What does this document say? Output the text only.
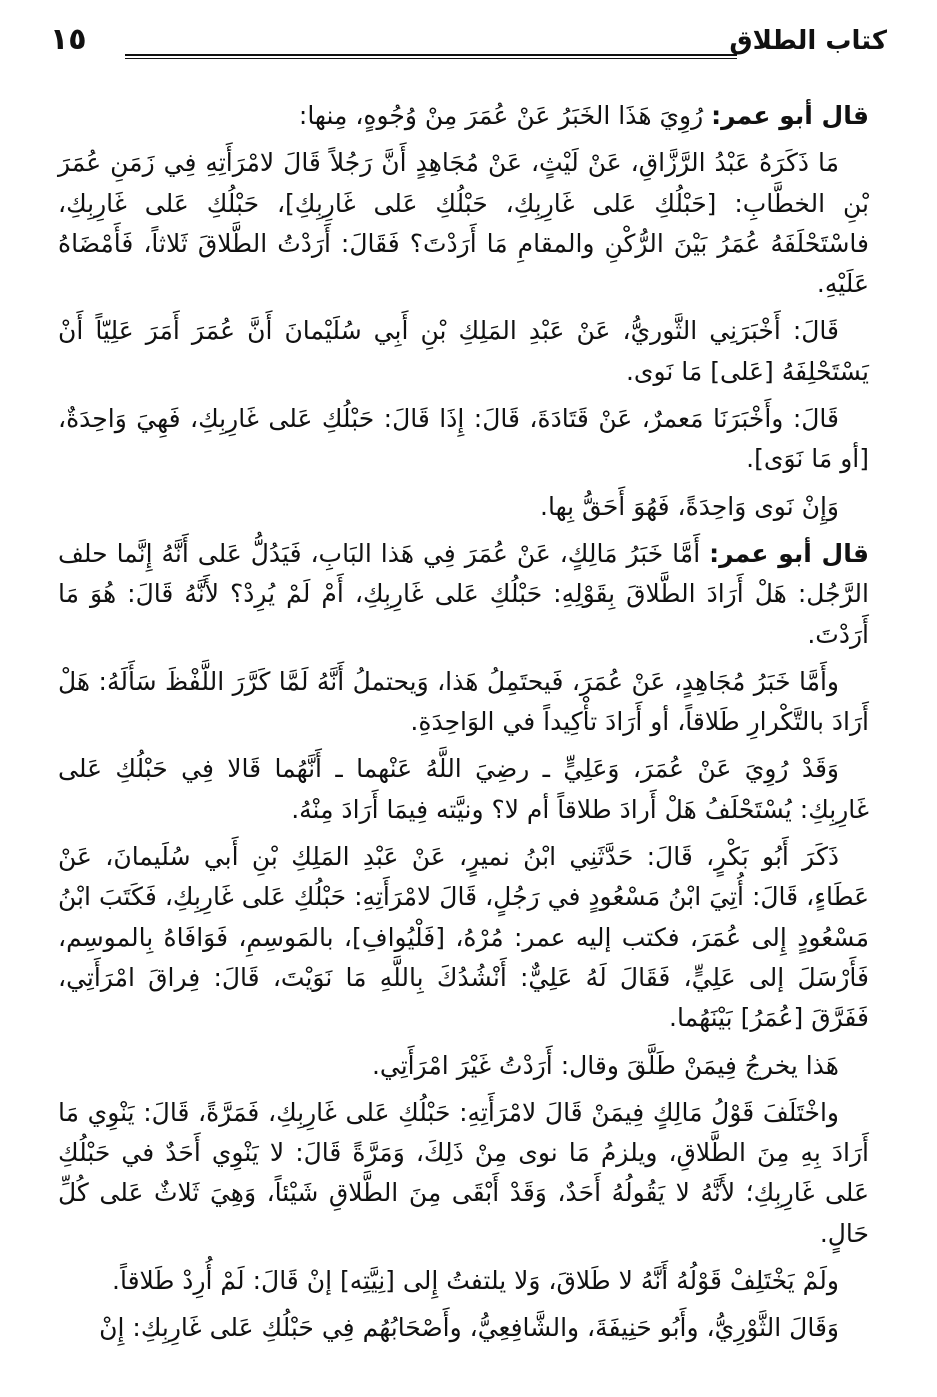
كتاب الطلاق
١٥

قال أبو عمر: رُوِيَ هَذَا الخَبَرُ عَنْ عُمَرَ مِنْ وُجُوهٍ، مِنها:

مَا ذَكَرَهُ عَبْدُ الرَّزَّاقِ، عَنْ لَيْثٍ، عَنْ مُجَاهِدٍ أَنَّ رَجُلاً قَالَ لامْرَأَتِهِ فِي زَمَنِ عُمَرَ بْنِ الخطَّابِ: [حَبْلُكِ عَلى غَارِبِكِ، حَبْلُكِ عَلى غَارِبِكِ]، حَبْلُكِ عَلى غَارِبِكِ، فاسْتَحْلَفَهُ عُمَرُ بَيْنَ الرُّكْنِ والمقامِ مَا أَرَدْتَ؟ فَقَالَ: أَرَدْتُ الطَّلاقَ ثَلاثاً، فَأَمْضَاهُ عَلَيْهِ.

قَالَ: أَخْبَرَنِي الثَّوريُّ، عَنْ عَبْدِ المَلِكِ بْنِ أَبِي سُلَيْمانَ أَنَّ عُمَرَ أَمَرَ عَلِيّاً أَنْ يَسْتَحْلِفَهُ [عَلى] مَا نَوى.

قَالَ: وأَخْبَرَنَا مَعمرٌ، عَنْ قَتَادَةَ، قَالَ: إِذَا قَالَ: حَبْلُكِ عَلى غَارِبِكِ، فَهِيَ وَاحِدَةٌ، [أو مَا نَوَى].

وَإِنْ نَوى وَاحِدَةً، فَهُوَ أَحَقُّ بِها.

قال أبو عمر: أَمَّا خَبَرُ مَالِكٍ، عَنْ عُمَرَ فِي هَذا البَابِ، فَيَدُلُّ عَلى أَنَّهُ إِنَّما حلف الرَّجُل: هَلْ أَرَادَ الطَّلاقَ بِقَوْلِهِ: حَبْلُكِ عَلى غَارِبِكِ، أَمْ لَمْ يُرِدْ؟ لأَنَّهُ قَالَ: هُوَ مَا أَرَدْتَ.

وأَمَّا خَبَرُ مُجَاهِدٍ، عَنْ عُمَرَ، فَيحتَمِلُ هَذا، وَيحتملُ أَنَّهُ لَمَّا كَرَّرَ اللَّفْظَ سَأَلَهُ: هَلْ أَرَادَ بالتَّكْرارِ طَلاقاً، أو أَرَادَ تأْكِيداً في الوَاحِدَةِ.

وَقَدْ رُوِيَ عَنْ عُمَرَ، وَعَلِيٍّ ـ رضِيَ اللَّهُ عَنْهما ـ أَنَّهُما قَالا فِي حَبْلُكِ عَلى غَارِبِكِ: يُسْتَحْلَفُ هَلْ أَرادَ طلاقاً أم لا؟ ونيَّته فِيمَا أَرَادَ مِنْهُ.

ذَكَرَ أَبُو بَكْرٍ، قَالَ: حَدَّثَنِي ابْنُ نميرٍ، عَنْ عَبْدِ المَلِكِ بْنِ أَبي سُلَيمانَ، عَنْ عَطَاءٍ، قَالَ: أُتِيَ ابْنُ مَسْعُودٍ في رَجُلٍ، قَالَ لامْرَأَتِهِ: حَبْلُكِ عَلى غَارِبِكِ، فَكَتَبَ ابْنُ مَسْعُودٍ إِلى عُمَرَ، فكتب إليه عمر: مُرْهُ، [فَلْيُوافِ]، بالمَوسِمِ، فَوَافَاهُ بِالموسِم، فَأَرْسَلَ إلى عَلِيٍّ، فَقَالَ لَهُ عَلِيٌّ: أَنْشُدُكَ بِاللَّهِ مَا نَوَيْتَ، قَالَ: فِراقَ امْرَأَتِي، فَفَرَّقَ [عُمَرُ] بَيْنَهُما.

هَذا يخرجُ فِيمَنْ طَلَّقَ وقال: أَرَدْتُ غَيْرَ امْرَأَتِي.

واخْتَلَفَ قَوْلُ مَالِكٍ فِيمَنْ قَالَ لامْرَأَتِهِ: حَبْلُكِ عَلى غَارِبِكِ، فَمَرَّةً، قَالَ: يَنْوِي مَا أَرَادَ بِهِ مِنَ الطَّلاقِ، ويلزمُ مَا نوى مِنْ ذَلِكَ، وَمَرَّةً قَالَ: لا يَنْوِي أَحَدٌ في حَبْلُكِ عَلى غَارِبِكِ؛ لأَنَّهُ لا يَقُولُهُ أَحَدٌ، وَقَدْ أَبْقَى مِنَ الطَّلاقِ شَيْئاً، وَهِيَ ثَلاثٌ عَلى كُلِّ حَالٍ.

ولَمْ يَخْتَلِفْ قَوْلُهُ أَنَّهُ لا طَلاقَ، وَلا يلتفتُ إِلى [نِيَّتِه] إنْ قَالَ: لَمْ أُرِدْ طَلاقاً.

وَقَالَ الثَّوْرِيُّ، وأَبُو حَنِيفَةَ، والشَّافِعِيُّ، وأَصْحَابُهُم فِي حَبْلُكِ عَلى غَارِبِكِ: إِنْ
